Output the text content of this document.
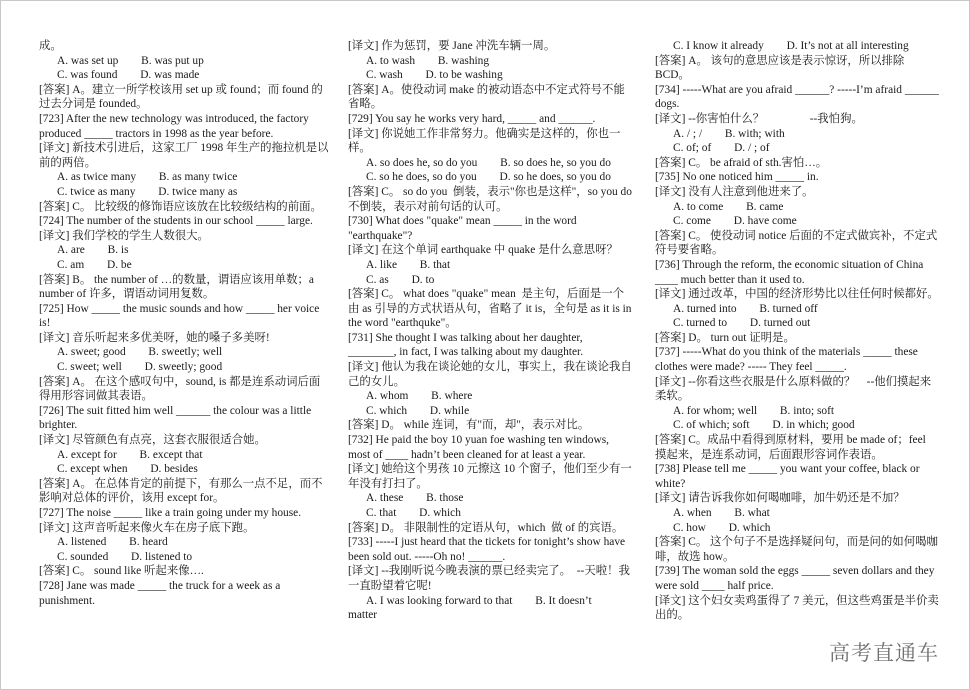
成。
A. was set up        B. was put up
C. was found        D. was made
[答案] A。建立一所学校该用 set up 或 found；而 found 的过去分词是 founded。
[723] After the new technology was introduced, the factory produced _____ tractors in 1998 as the year before.
[译文] 新技术引进后，这家工厂 1998 年生产的拖拉机是以前的两倍。
A. as twice many        B. as many twice
C. twice as many        D. twice many as
[答案] C。 比较级的修饰语应该放在比较级结构的前面。
[724] The number of the students in our school _____ large.
[译文] 我们学校的学生人数很大。
A. are        B. is
C. am        D. be
[答案] B。 the number of …的数量，谓语应该用单数；a number of 许多，谓语动词用复数。
[725] How _____ the music sounds and how _____ her voice is!
[译文] 音乐听起来多优美呀，她的嗓子多美呀!
A. sweet; good        B. sweetly; well
C. sweet; well        D. sweetly; good
[答案] A。 在这个感叹句中，sound, is 都是连系动词后面得用形容词做其表语。
[726] The suit fitted him well ______ the colour was a little brighter.
[译文] 尽管颜色有点亮，这套衣服很适合她。
A. except for        B. except that
C. except when        D. besides
[答案] A。 在总体肯定的前提下，有那么一点不足，而不影响对总体的评价，该用 except for。
[727] The noise _____ like a train going under my house.
[译文] 这声音听起来像火车在房子底下跑。
A. listened        B. heard
C. sounded        D. listened to
[答案] C。 sound like 听起来像….
[728] Jane was made _____ the truck for a week as a punishment.
[译文] 作为惩罚，要 Jane 冲洗车辆一周。
A. to wash        B. washing
C. wash        D. to be washing
[答案] A。使役动词 make 的被动语态中不定式符号不能省略。
[729] You say he works very hard, _____ and ______.
[译文] 你说她工作非常努力。他确实是这样的，你也一样。
A. so does he, so do you        B. so does he, so you do
C. so he does, so do you        D. so he does, so you do
[答案] C。 so do you  倒装，表示"你也是这样"，so you do 不倒装，表示对前句话的认可。
[730] What does "quake" mean _____ in the word "earthquake"?
[译文] 在这个单词 earthquake 中 quake 是什么意思呀？
A. like        B. that
C. as        D. to
[答案] C。 what does "quake" mean  是主句，后面是一个由 as 引导的方式状语从句，省略了 it is，全句是 as it is in the word "earthquke"。
[731] She thought I was talking about her daughter, ________, in fact, I was talking about my daughter.
[译文] 他认为我在谈论她的女儿，事实上，我在谈论我自己的女儿。
A. whom        B. where
C. which        D. while
[答案] D。 while 连词，有"而，却"，表示对比。
[732] He paid the boy 10 yuan foe washing ten windows, most of ____ hadn’t been cleaned for at least a year.
[译文] 她给这个男孩 10 元擦这 10 个窗子，他们至少有一年没有打扫了。
A. these        B. those
C. that        D. which
[答案] D。 非限制性的定语从句，which  做 of 的宾语。
[733] -----I just heard that the tickets for tonight’s show have been sold out. -----Oh no! ______.
[译文] --我刚听说今晚表演的票已经卖完了。  --天啦！我一直盼望着它呢!
A. I was looking forward to that        B. It doesn’t
matter
C. I know it already        D. It’s not at all interesting
[答案] A。 该句的意思应该是表示惊讶，所以排除 BCD。
[734] -----What are you afraid ______? -----I’m afraid ______ dogs.
[译文] --你害怕什么？                --我怕狗。
A. / ; /        B. with; with
C. of; of        D. / ; of
[答案] C。 be afraid of sth.害怕…。
[735] No one noticed him _____ in.
[译文] 没有人注意到他进来了。
A. to come        B. came
C. come        D. have come
[答案] C。 使役动词 notice 后面的不定式做宾补，不定式符号要省略。
[736] Through the reform, the economic situation of China ____ much better than it used to.
[译文] 通过改革，中国的经济形势比以往任何时候都好。
A. turned into        B. turned off
C. turned to        D. turned out
[答案] D。 turn out 证明是。
[737] -----What do you think of the materials _____ these clothes were made? ----- They feel _____.
[译文] --你看这些衣服是什么原料做的？    --他们摸起来柔软。
A. for whom; well        B. into; soft
C. of which; soft        D. in which; good
[答案] C。成品中看得到原材料，要用 be made of；feel 摸起来，是连系动词，后面跟形容词作表语。
[738] Please tell me _____ you want your coffee, black or white?
[译文] 请告诉我你如何喝咖啡，加牛奶还是不加？
A. when        B. what
C. how        D. which
[答案] C。 这个句子不是选择疑问句，而是问的如何喝咖啡，故选 how。
[739] The woman sold the eggs _____ seven dollars and they were sold ____ half price.
[译文] 这个妇女卖鸡蛋得了 7 美元，但这些鸡蛋是半价卖出的。
高考直通车
